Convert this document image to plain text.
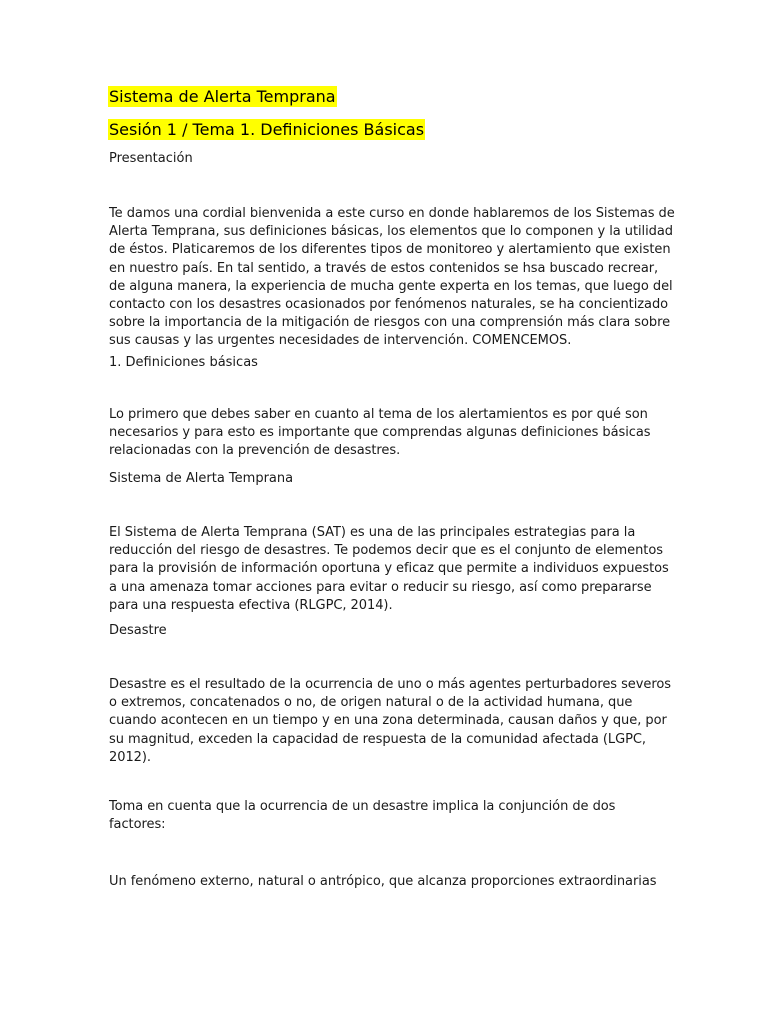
Sistema de Alerta Temprana
Sesión 1 / Tema 1. Definiciones Básicas
Presentación
Te damos una cordial bienvenida a este curso en donde hablaremos de los Sistemas de
Alerta Temprana, sus definiciones básicas, los elementos que lo componen y la utilidad
de éstos. Platicaremos de los diferentes tipos de monitoreo y alertamiento que existen
en nuestro país. En tal sentido, a través de estos contenidos se hsa buscado recrear,
de alguna manera, la experiencia de mucha gente experta en los temas, que luego del
contacto con los desastres ocasionados por fenómenos naturales, se ha concientizado
sobre la importancia de la mitigación de riesgos con una comprensión más clara sobre
sus causas y las urgentes necesidades de intervención. COMENCEMOS.
1. Definiciones básicas
Lo primero que debes saber en cuanto al tema de los alertamientos es por qué son
necesarios y para esto es importante que comprendas algunas definiciones básicas
relacionadas con la prevención de desastres.
Sistema de Alerta Temprana
El Sistema de Alerta Temprana (SAT) es una de las principales estrategias para la
reducción del riesgo de desastres. Te podemos decir que es el conjunto de elementos
para la provisión de información oportuna y eficaz que permite a individuos expuestos
a una amenaza tomar acciones para evitar o reducir su riesgo, así como prepararse
para una respuesta efectiva (RLGPC, 2014).
Desastre
Desastre es el resultado de la ocurrencia de uno o más agentes perturbadores severos
o extremos, concatenados o no, de origen natural o de la actividad humana, que
cuando acontecen en un tiempo y en una zona determinada, causan daños y que, por
su magnitud, exceden la capacidad de respuesta de la comunidad afectada (LGPC,
2012).
Toma en cuenta que la ocurrencia de un desastre implica la conjunción de dos
factores:
Un fenómeno externo, natural o antrópico, que alcanza proporciones extraordinarias
